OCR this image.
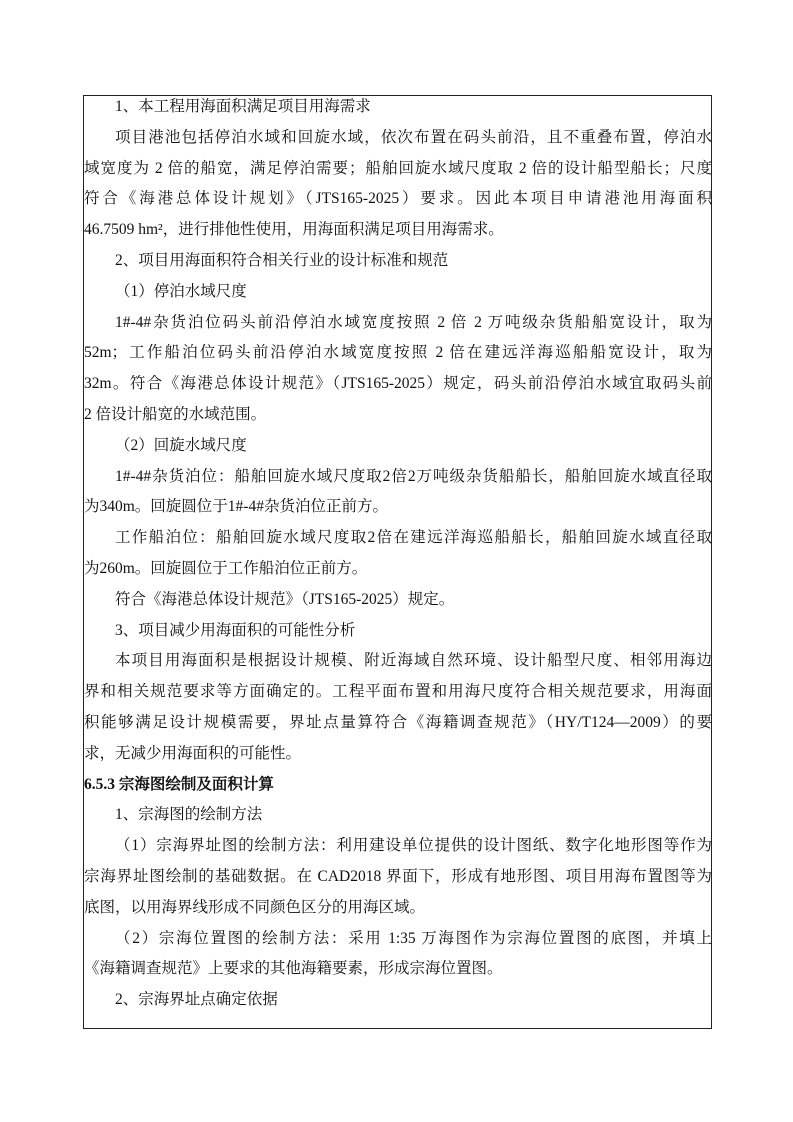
1、本工程用海面积满足项目用海需求
项目港池包括停泊水域和回旋水域，依次布置在码头前沿，且不重叠布置，停泊水
域宽度为 2 倍的船宽，满足停泊需要；船舶回旋水域尺度取 2 倍的设计船型船长；尺度
符合《海港总体设计规划》（JTS165-2025）要求。因此本项目申请港池用海面积
46.7509 hm²，进行排他性使用，用海面积满足项目用海需求。
2、项目用海面积符合相关行业的设计标准和规范
（1）停泊水域尺度
1#-4#杂货泊位码头前沿停泊水域宽度按照 2 倍 2 万吨级杂货船船宽设计，取为
52m；工作船泊位码头前沿停泊水域宽度按照 2 倍在建远洋海巡船船宽设计，取为
32m。符合《海港总体设计规范》（JTS165-2025）规定，码头前沿停泊水域宜取码头前
2 倍设计船宽的水域范围。
（2）回旋水域尺度
1#-4#杂货泊位：船舶回旋水域尺度取2倍2万吨级杂货船船长，船舶回旋水域直径取
为340m。回旋圆位于1#-4#杂货泊位正前方。
工作船泊位：船舶回旋水域尺度取2倍在建远洋海巡船船长，船舶回旋水域直径取
为260m。回旋圆位于工作船泊位正前方。
符合《海港总体设计规范》（JTS165-2025）规定。
3、项目减少用海面积的可能性分析
本项目用海面积是根据设计规模、附近海域自然环境、设计船型尺度、相邻用海边
界和相关规范要求等方面确定的。工程平面布置和用海尺度符合相关规范要求，用海面
积能够满足设计规模需要，界址点量算符合《海籍调查规范》（HY/T124—2009）的要
求，无减少用海面积的可能性。
6.5.3 宗海图绘制及面积计算
1、宗海图的绘制方法
（1）宗海界址图的绘制方法：利用建设单位提供的设计图纸、数字化地形图等作为
宗海界址图绘制的基础数据。在 CAD2018 界面下，形成有地形图、项目用海布置图等为
底图，以用海界线形成不同颜色区分的用海区域。
（2）宗海位置图的绘制方法：采用 1:35 万海图作为宗海位置图的底图，并填上
《海籍调查规范》上要求的其他海籍要素，形成宗海位置图。
2、宗海界址点确定依据
